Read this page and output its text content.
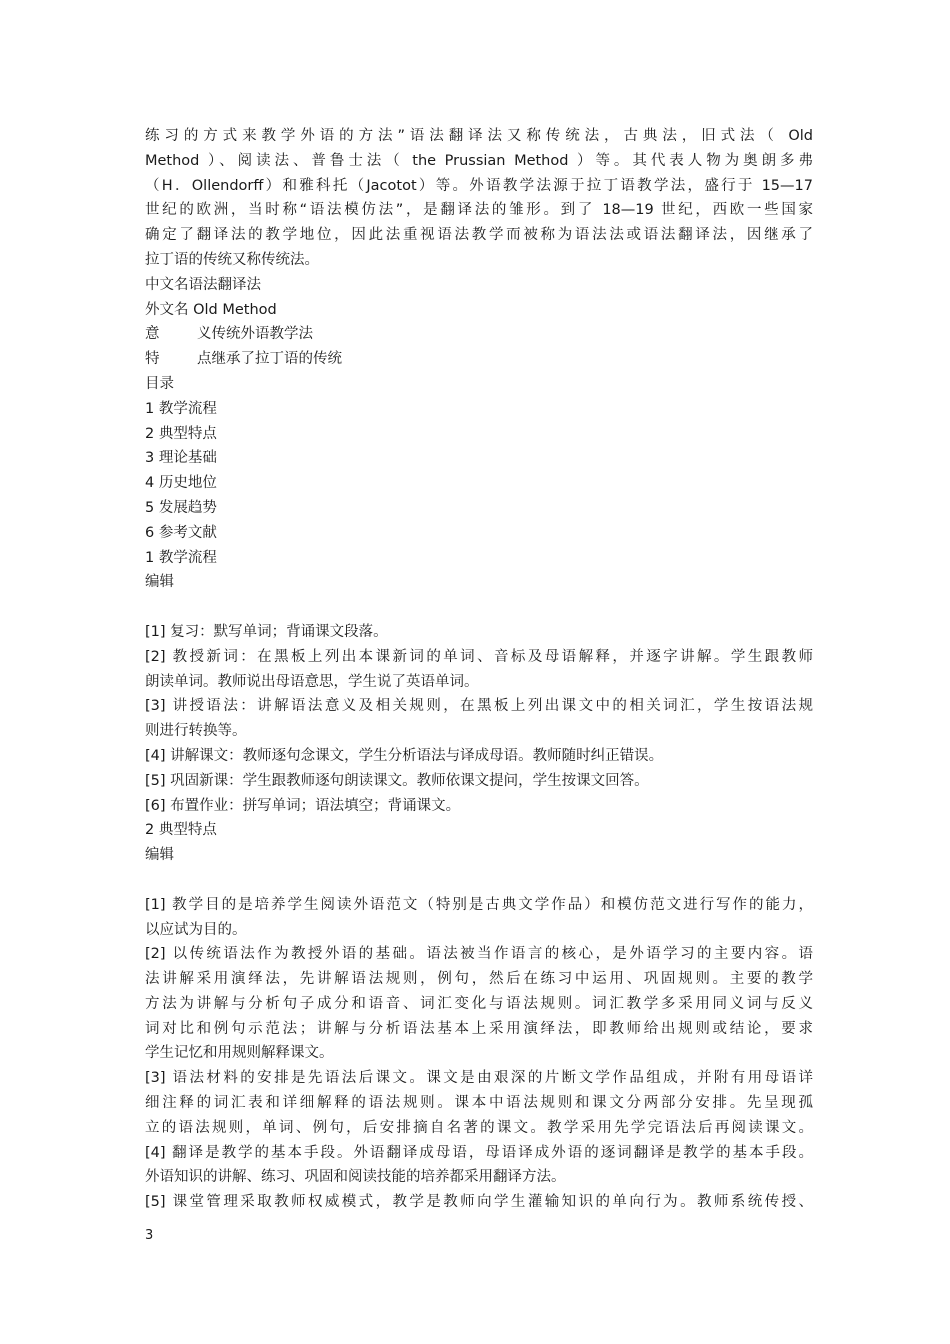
练习的方式来教学外语的方法”语法翻译法又称传统法，古典法，旧式法（ Old
Method ）、阅读法、普鲁士法（ the Prussian Method ）等。其代表人物为奥朗多弗
（H．Ollendorff）和雅科托（Jacotot）等。外语教学法源于拉丁语教学法，盛行于 15—17
世纪的欧洲，当时称“语法模仿法”，是翻译法的雏形。到了 18—19 世纪，西欧一些国家
确定了翻译法的教学地位，因此法重视语法教学而被称为语法法或语法翻译法，因继承了
拉丁语的传统又称传统法。
中文名语法翻译法
外文名 Old Method
意	义传统外语教学法
特	点继承了拉丁语的传统
目录
1 教学流程
2 典型特点
3 理论基础
4 历史地位
5 发展趋势
6 参考文献
1 教学流程
编辑
[1] 复习：默写单词；背诵课文段落。
[2] 教授新词：在黑板上列出本课新词的单词、音标及母语解释，并逐字讲解。学生跟教师
朗读单词。教师说出母语意思，学生说了英语单词。
[3] 讲授语法：讲解语法意义及相关规则，在黑板上列出课文中的相关词汇，学生按语法规
则进行转换等。
[4] 讲解课文：教师逐句念课文，学生分析语法与译成母语。教师随时纠正错误。
[5] 巩固新课：学生跟教师逐句朗读课文。教师依课文提问，学生按课文回答。
[6] 布置作业：拼写单词；语法填空；背诵课文。
2 典型特点
编辑
[1] 教学目的是培养学生阅读外语范文（特别是古典文学作品）和模仿范文进行写作的能力，
以应试为目的。
[2] 以传统语法作为教授外语的基础。语法被当作语言的核心，是外语学习的主要内容。语
法讲解采用演绎法，先讲解语法规则，例句，然后在练习中运用、巩固规则。主要的教学
方法为讲解与分析句子成分和语音、词汇变化与语法规则。词汇教学多采用同义词与反义
词对比和例句示范法；讲解与分析语法基本上采用演绎法，即教师给出规则或结论，要求
学生记忆和用规则解释课文。
[3] 语法材料的安排是先语法后课文。课文是由艰深的片断文学作品组成，并附有用母语详
细注释的词汇表和详细解释的语法规则。课本中语法规则和课文分两部分安排。先呈现孤
立的语法规则，单词、例句，后安排摘自名著的课文。教学采用先学完语法后再阅读课文。
[4] 翻译是教学的基本手段。外语翻译成母语，母语译成外语的逐词翻译是教学的基本手段。
外语知识的讲解、练习、巩固和阅读技能的培养都采用翻译方法。
[5] 课堂管理采取教师权威模式，教学是教师向学生灌输知识的单向行为。教师系统传授、
3
